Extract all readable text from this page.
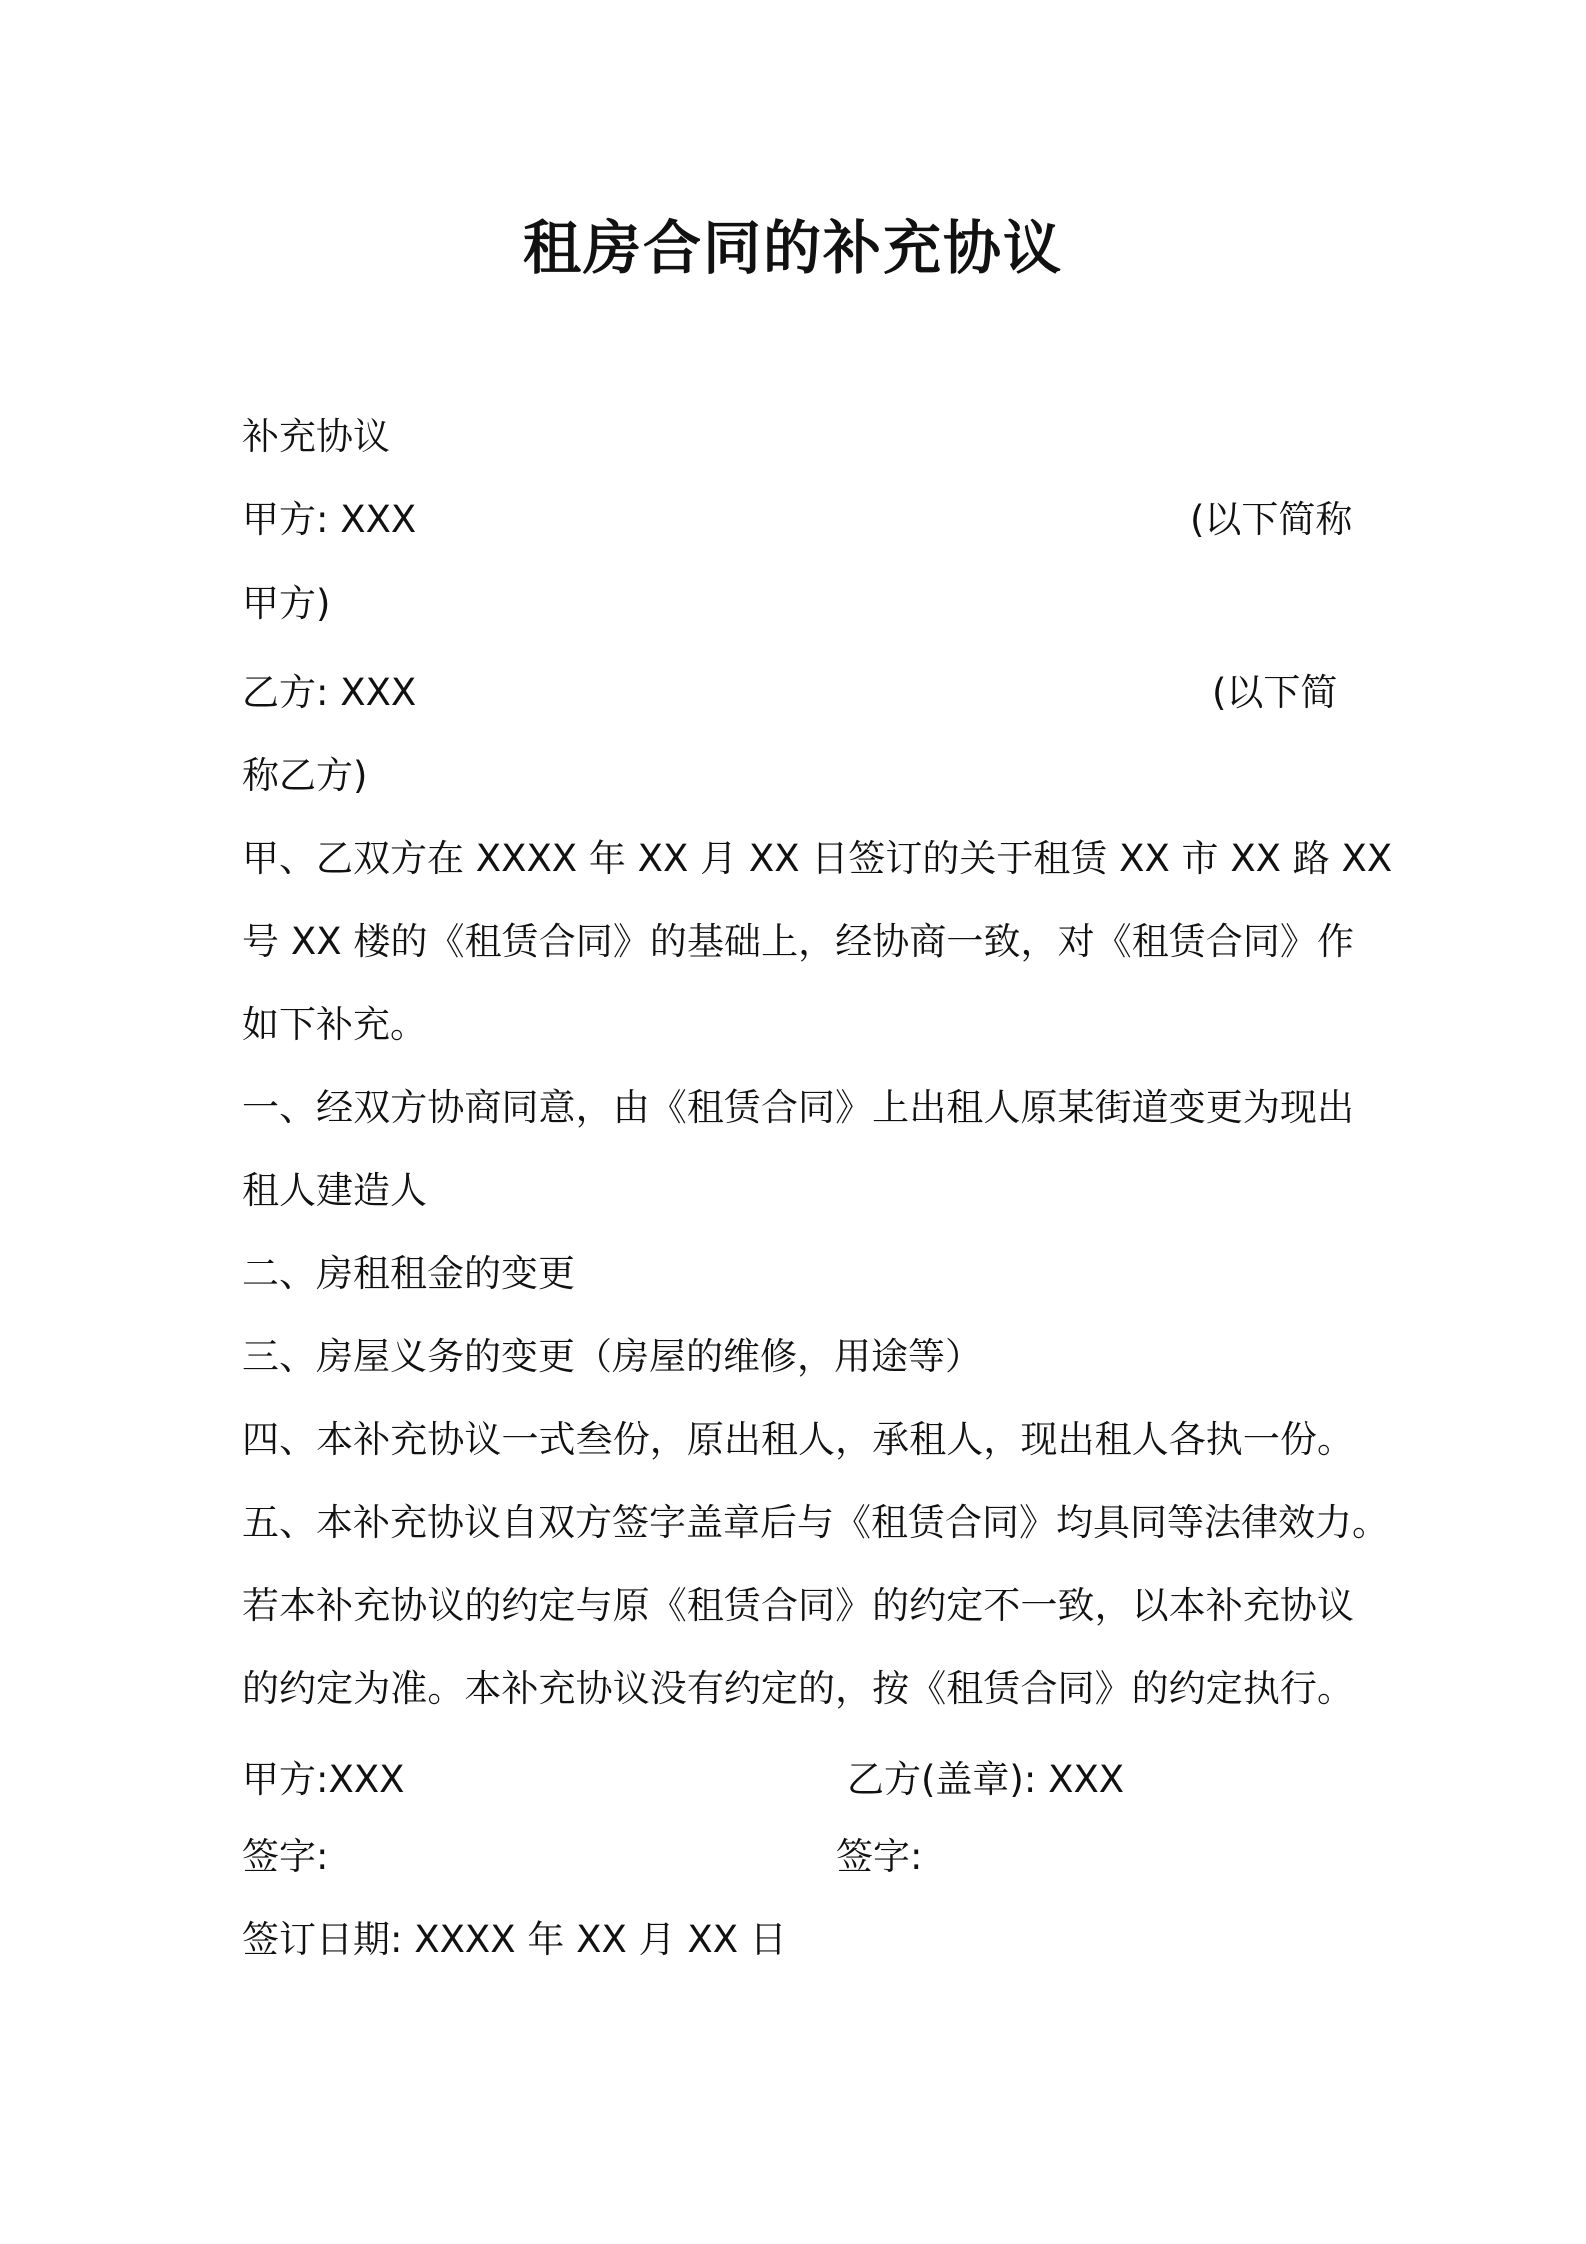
租房合同的补充协议
补充协议
甲方: XXX	(以下简称
甲方)
乙方: XXX	(以下简
称乙方)
甲、乙双方在 XXXX 年 XX 月 XX 日签订的关于租赁 XX 市 XX 路 XX
号 XX 楼的《租赁合同》的基础上，经协商一致，对《租赁合同》作
如下补充。
一、经双方协商同意，由《租赁合同》上出租人原某街道变更为现出
租人建造人
二、房租租金的变更
三、房屋义务的变更（房屋的维修，用途等）
四、本补充协议一式叁份，原出租人，承租人，现出租人各执一份。
五、本补充协议自双方签字盖章后与《租赁合同》均具同等法律效力。
若本补充协议的约定与原《租赁合同》的约定不一致，以本补充协议
的约定为准。本补充协议没有约定的，按《租赁合同》的约定执行。
甲方:XXX	乙方(盖章): XXX
签字:	签字:
签订日期: XXXX 年 XX 月 XX 日
